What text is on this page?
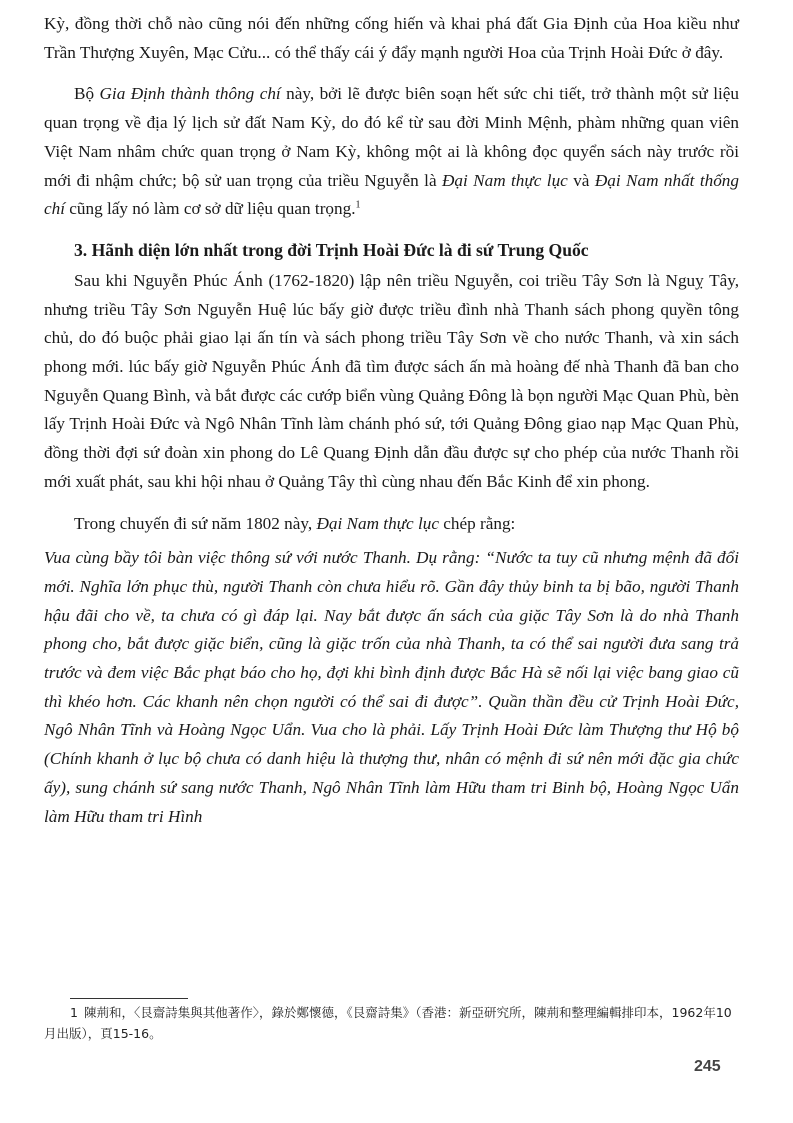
Kỳ, đồng thời chỗ nào cũng nói đến những cống hiến và khai phá đất Gia Định của Hoa kiều như Trần Thượng Xuyên, Mạc Cửu... có thể thấy cái ý đẩy mạnh người Hoa của Trịnh Hoài Đức ở đây.

Bộ Gia Định thành thông chí này, bởi lẽ được biên soạn hết sức chi tiết, trở thành một sử liệu quan trọng về địa lý lịch sử đất Nam Kỳ, do đó kể từ sau đời Minh Mệnh, phàm những quan viên Việt Nam nhâm chức quan trọng ở Nam Kỳ, không một ai là không đọc quyển sách này trước rồi mới đi nhậm chức; bộ sử uan trọng của triều Nguyễn là Đại Nam thực lục và Đại Nam nhất thống chí cũng lấy nó làm cơ sở dữ liệu quan trọng.$^1$

3. Hãnh diện lớn nhất trong đời Trịnh Hoài Đức là đi sứ Trung Quốc

Sau khi Nguyễn Phúc Ánh (1762-1820) lập nên triều Nguyễn, coi triều Tây Sơn là Nguỵ Tây, nhưng triều Tây Sơn Nguyễn Huệ lúc bấy giờ được triều đình nhà Thanh sách phong quyền tông chủ, do đó buộc phải giao lại ấn tín và sách phong triều Tây Sơn về cho nước Thanh, và xin sách phong mới. lúc bấy giờ Nguyễn Phúc Ánh đã tìm được sách ấn mà hoàng đế nhà Thanh đã ban cho Nguyễn Quang Bình, và bắt được các cướp biển vùng Quảng Đông là bọn người Mạc Quan Phù, bèn lấy Trịnh Hoài Đức và Ngô Nhân Tĩnh làm chánh phó sứ, tới Quảng Đông giao nạp Mạc Quan Phù, đồng thời đợi sứ đoàn xin phong do Lê Quang Định dẫn đầu được sự cho phép của nước Thanh rồi mới xuất phát, sau khi hội nhau ở Quảng Tây thì cùng nhau đến Bắc Kinh để xin phong.

Trong chuyến đi sứ năm 1802 này, Đại Nam thực lục chép rằng:

Vua cùng bầy tôi bàn việc thông sứ với nước Thanh. Dụ rằng: “Nước ta tuy cũ nhưng mệnh đã đổi mới. Nghĩa lớn phục thù, người Thanh còn chưa hiểu rõ. Gần đây thủy binh ta bị bão, người Thanh hậu đãi cho về, ta chưa có gì đáp lại. Nay bắt được ấn sách của giặc Tây Sơn là do nhà Thanh phong cho, bắt được giặc biển, cũng là giặc trốn của nhà Thanh, ta có thể sai người đưa sang trả trước và đem việc Bắc phạt báo cho họ, đợi khi bình định được Bắc Hà sẽ nối lại việc bang giao cũ thì khéo hơn. Các khanh nên chọn người có thể sai đi được”. Quần thần đều cử Trịnh Hoài Đức, Ngô Nhân Tĩnh và Hoàng Ngọc Uẩn. Vua cho là phải. Lấy Trịnh Hoài Đức làm Thượng thư Hộ bộ (Chính khanh ở lục bộ chưa có danh hiệu là thượng thư, nhân có mệnh đi sứ nên mới đặc gia chức ấy), sung chánh sứ sang nước Thanh, Ngô Nhân Tĩnh làm Hữu tham tri Binh bộ, Hoàng Ngọc Uẩn làm Hữu tham tri Hình

1 陳荊和，〈艮齋詩集與其他著作〉，錄於鄭懷德，《艮齋詩集》（香港：新亞研究所，陳荊和整理編輯排印本，1962年10月出版），頁15-16。
245
